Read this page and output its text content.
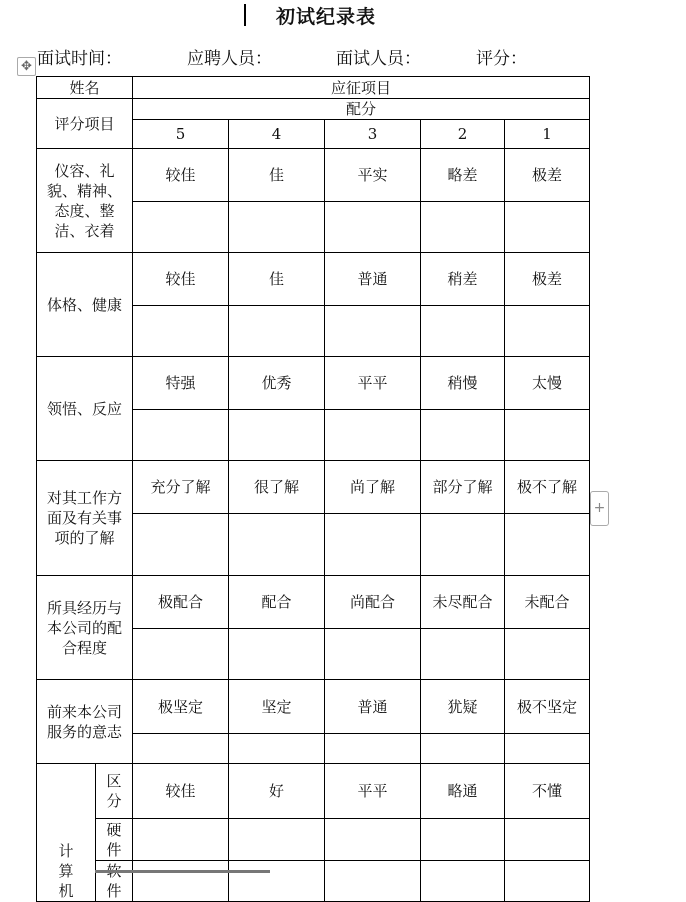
初试纪录表
面试时间：	应聘人员：	面试人员：	评分：
✥
姓名		应征项目				
评分项目		配分				
		5	4	3	2	1
仪容、礼貌、精神、态度、整洁、衣着		较佳	佳	平实	略差	极差

体格、健康		较佳	佳	普通	稍差	极差

领悟、反应		特强	优秀	平平	稍慢	太慢

对其工作方面及有关事项的了解		充分了解	很了解	尚了解	部分了解	极不了解

所具经历与本公司的配合程度		极配合	配合	尚配合	未尽配合	未配合

前来本公司服务的意志		极坚定	坚定	普通	犹疑	极不坚定

计算机	区分	较佳	好	平平	略通	不懂

	硬件					

	软件					

+
